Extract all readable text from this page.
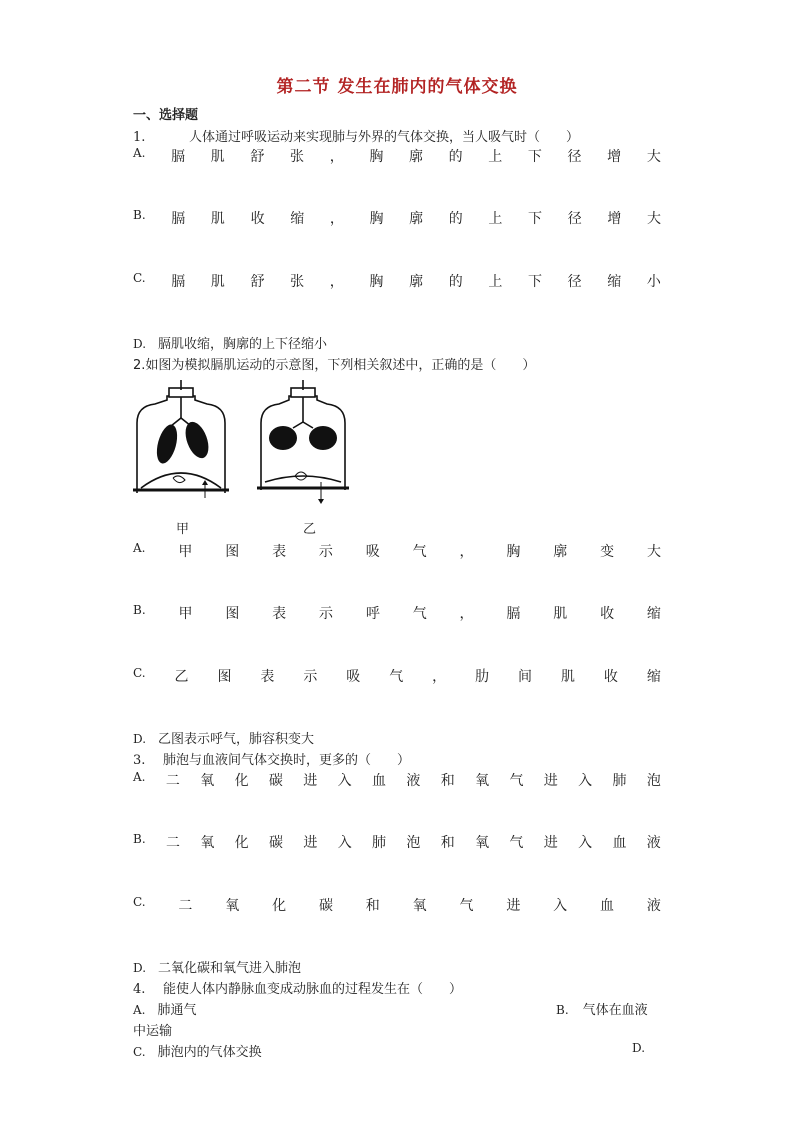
第二节 发生在肺内的气体交换
一、选择题
1.	人体通过呼吸运动来实现肺与外界的气体交换，当人吸气时（　　）
A. 膈 肌 舒 张 ， 胸 廓 的 上 下 径 增 大
B. 膈 肌 收 缩 ， 胸 廓 的 上 下 径 增 大
C. 膈 肌 舒 张 ， 胸 廓 的 上 下 径 缩 小
D. 膈肌收缩，胸廓的上下径缩小
2.如图为模拟膈肌运动的示意图，下列相关叙述中，正确的是（　　）
甲	乙
A. 甲 图 表 示 吸 气 ， 胸 廓 变 大
B. 甲 图 表 示 呼 气 ， 膈 肌 收 缩
C. 乙 图 表 示 吸 气 ， 肋 间 肌 收 缩
D. 乙图表示呼气，肺容积变大
3. 肺泡与血液间气体交换时，更多的（　　）
A. 二 氧 化 碳 进 入 血 液 和 氧 气 进 入 肺 泡
B. 二 氧 化 碳 进 入 肺 泡 和 氧 气 进 入 血 液
C. 二 氧 化 碳 和 氧 气 进 入 血 液
D. 二氧化碳和氧气进入肺泡
4. 能使人体内静脉血变成动脉血的过程发生在（　　）
A. 肺通气	B. 气体在血液
中运输
C. 肺泡内的气体交换	D.
